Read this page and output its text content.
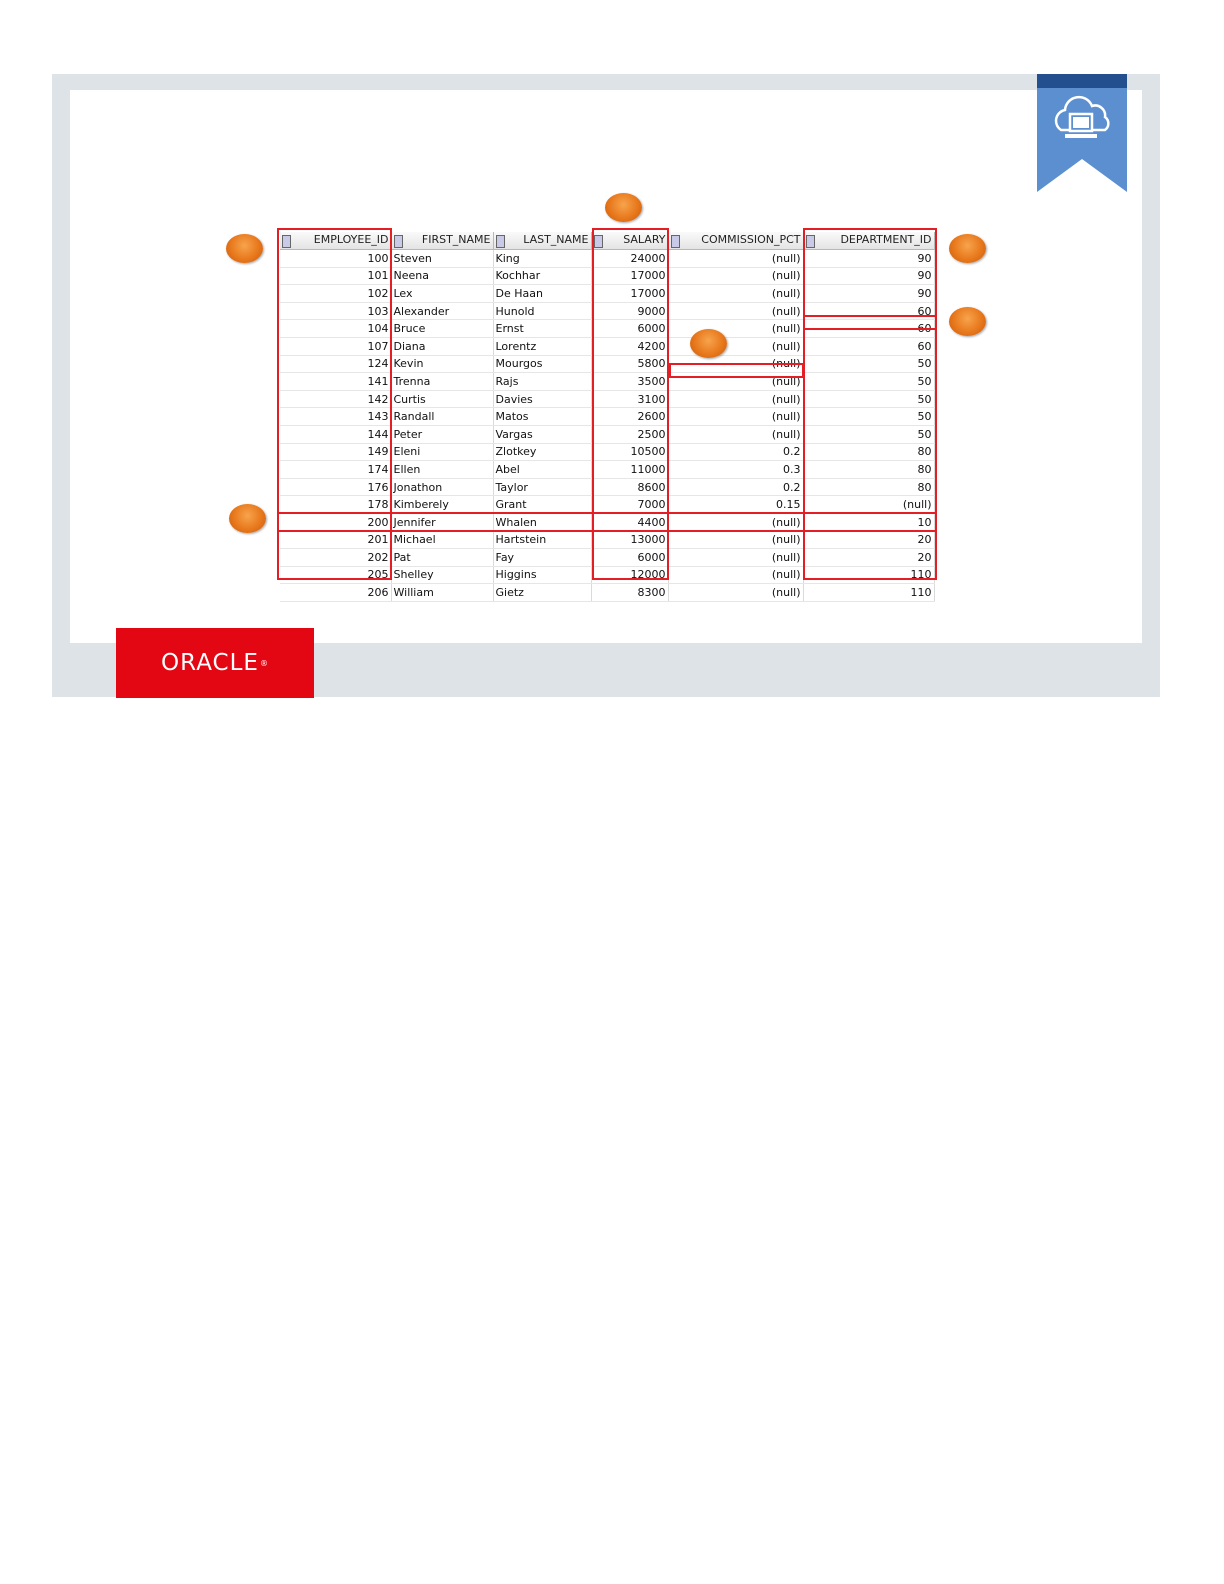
EMPLOYEE_ID	FIRST_NAME	LAST_NAME	SALARY	COMMISSION_PCT	DEPARTMENT_ID
100	Steven	King	24000	(null)	90
101	Neena	Kochhar	17000	(null)	90
102	Lex	De Haan	17000	(null)	90
103	Alexander	Hunold	9000	(null)	60
104	Bruce	Ernst	6000	(null)	60
107	Diana	Lorentz	4200	(null)	60
124	Kevin	Mourgos	5800	(null)	50
141	Trenna	Rajs	3500	(null)	50
142	Curtis	Davies	3100	(null)	50
143	Randall	Matos	2600	(null)	50
144	Peter	Vargas	2500	(null)	50
149	Eleni	Zlotkey	10500	0.2	80
174	Ellen	Abel	11000	0.3	80
176	Jonathon	Taylor	8600	0.2	80
178	Kimberely	Grant	7000	0.15	(null)
200	Jennifer	Whalen	4400	(null)	10
201	Michael	Hartstein	13000	(null)	20
202	Pat	Fay	6000	(null)	20
205	Shelley	Higgins	12000	(null)	110
206	William	Gietz	8300	(null)	110
ORACLE ®
